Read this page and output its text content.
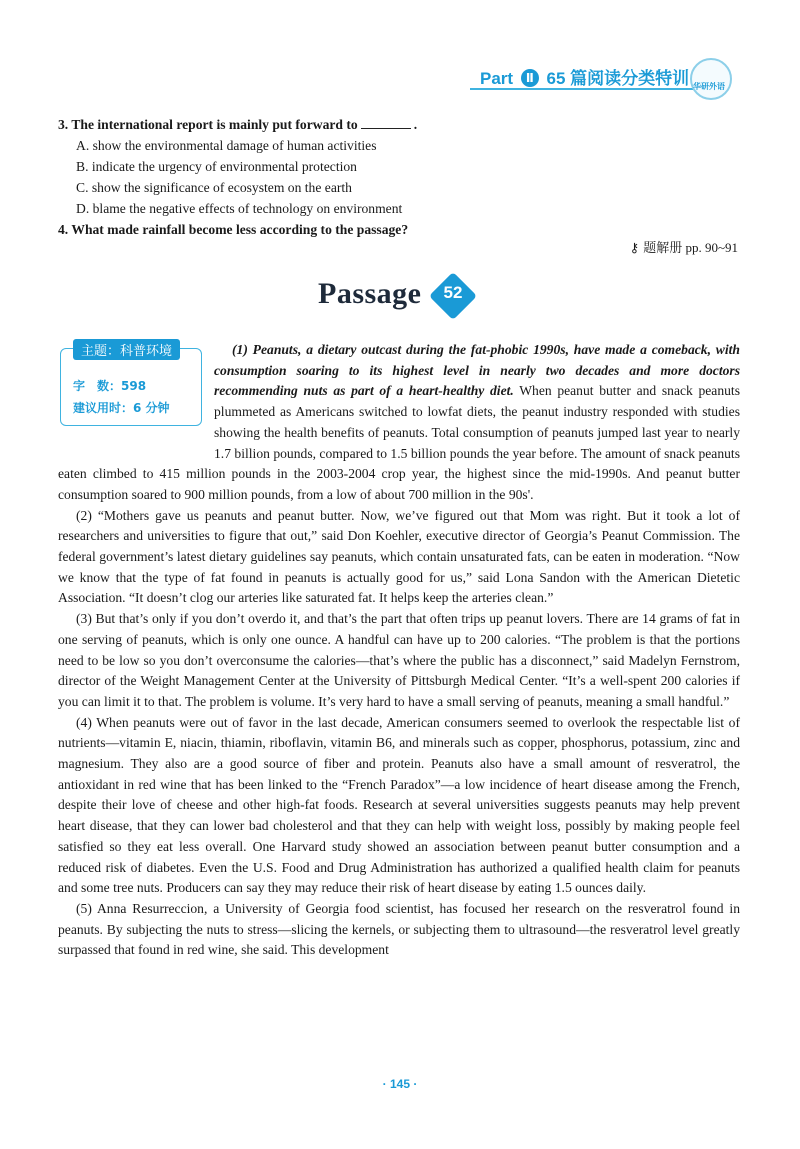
Part Ⅱ 65 篇阅读分类特训 华研外语
3. The international report is mainly put forward to	.
A. show the environmental damage of human activities
B. indicate the urgency of environmental protection
C. show the significance of ecosystem on the earth
D. blame the negative effects of technology on environment
4. What made rainfall become less according to the passage?
⚷ 题解册 pp. 90~91
Passage	52
主题：科普环境
字　数：598
建议用时：6 分钟

(1) Peanuts, a dietary outcast during the fat-phobic 1990s, have made a comeback, with consumption soaring to its highest level in nearly two decades and more doctors recommending nuts as part of a heart-healthy diet. When peanut butter and snack peanuts plummeted as Americans switched to lowfat diets, the peanut industry responded with studies showing the health benefits of peanuts. Total consumption of peanuts jumped last year to nearly 1.7 billion pounds, compared to 1.5 billion pounds the year before. The amount of snack peanuts eaten climbed to 415 million pounds in the 2003-2004 crop year, the highest since the mid-1990s. And peanut butter consumption soared to 900 million pounds, from a low of about 700 million in the 90s'.

(2) “Mothers gave us peanuts and peanut butter. Now, we’ve figured out that Mom was right. But it took a lot of researchers and universities to figure that out,” said Don Koehler, executive director of Georgia’s Peanut Commission. The federal government’s latest dietary guidelines say peanuts, which contain unsaturated fats, can be eaten in moderation. “Now we know that the type of fat found in peanuts is actually good for us,” said Lona Sandon with the American Dietetic Association. “It doesn’t clog our arteries like saturated fat. It helps keep the arteries clean.”

(3) But that’s only if you don’t overdo it, and that’s the part that often trips up peanut lovers. There are 14 grams of fat in one serving of peanuts, which is only one ounce. A handful can have up to 200 calories. “The problem is that the portions need to be low so you don’t overconsume the calories—that’s where the public has a disconnect,” said Madelyn Fernstrom, director of the Weight Management Center at the University of Pittsburgh Medical Center. “It’s a well-spent 200 calories if you can limit it to that. The problem is volume. It’s very hard to have a small serving of peanuts, meaning a small handful.”

(4) When peanuts were out of favor in the last decade, American consumers seemed to overlook the respectable list of nutrients—vitamin E, niacin, thiamin, riboflavin, vitamin B6, and minerals such as copper, phosphorus, potassium, zinc and magnesium. They also are a good source of fiber and protein. Peanuts also have a small amount of resveratrol, the antioxidant in red wine that has been linked to the “French Paradox”—a low incidence of heart disease among the French, despite their love of cheese and other high-fat foods. Research at several universities suggests peanuts may help prevent heart disease, that they can lower bad cholesterol and that they can help with weight loss, possibly by making people feel satisfied so they eat less overall. One Harvard study showed an association between peanut butter consumption and a reduced risk of diabetes. Even the U.S. Food and Drug Administration has authorized a qualified health claim for peanuts and some tree nuts. Producers can say they may reduce their risk of heart disease by eating 1.5 ounces daily.

(5) Anna Resurreccion, a University of Georgia food scientist, has focused her research on the resveratrol found in peanuts. By subjecting the nuts to stress—slicing the kernels, or subjecting them to ultrasound—the resveratrol level greatly surpassed that found in red wine, she said. This development

· 145 ·
